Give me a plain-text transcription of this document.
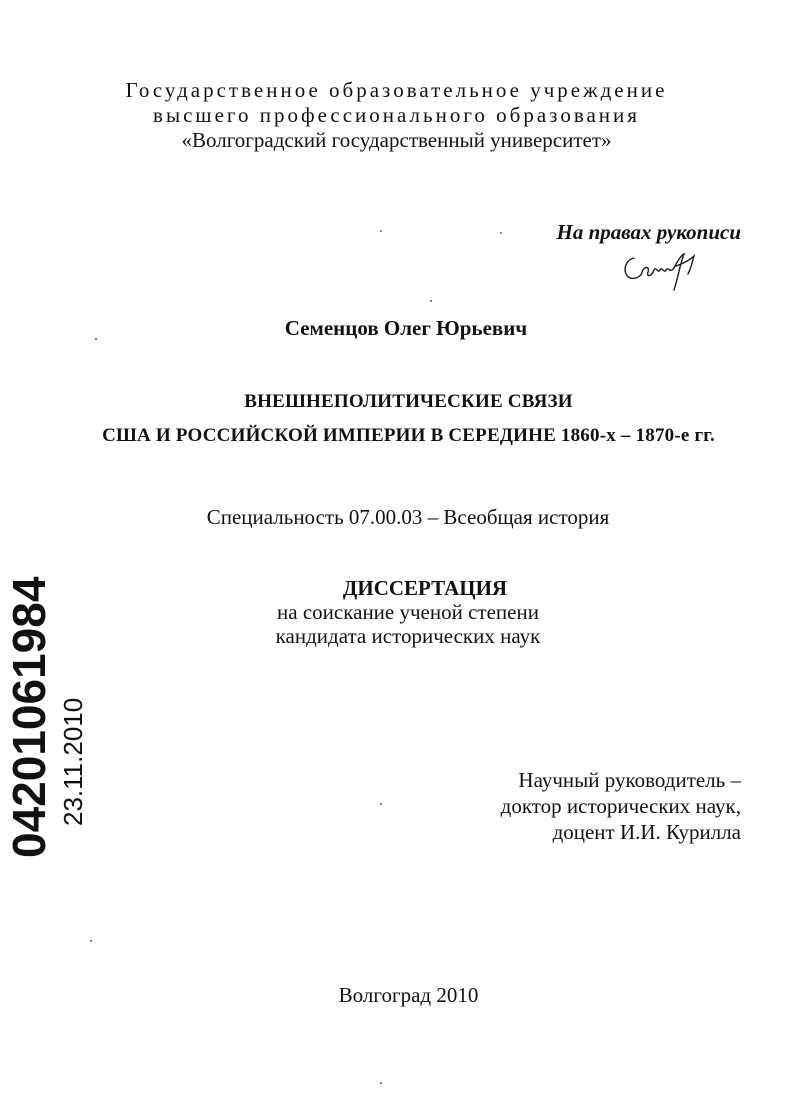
Государственное образовательное учреждение
высшего профессионального образования
«Волгоградский государственный университет»
На правах рукописи
Семенцов Олег Юрьевич
ВНЕШНЕПОЛИТИЧЕСКИЕ СВЯЗИ
США И РОССИЙСКОЙ ИМПЕРИИ В СЕРЕДИНЕ 1860-х – 1870-е гг.
Специальность 07.00.03 – Всеобщая история
ДИССЕРТАЦИЯ
на соискание ученой степени
кандидата исторических наук
Научный руководитель –
доктор исторических наук,
доцент И.И. Курилла
Волгоград 2010
04201061984 23.11.2010
